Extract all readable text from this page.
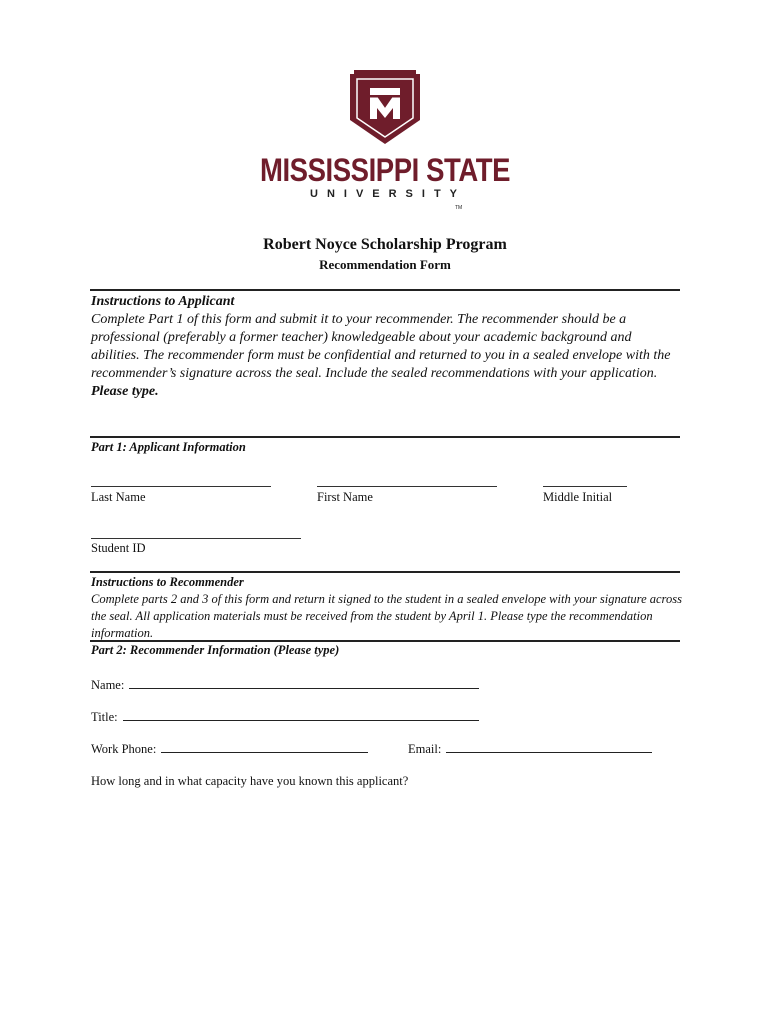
MISSISSIPPI STATE
UNIVERSITY
TM
Robert Noyce Scholarship Program
Recommendation Form
Instructions to Applicant
Complete Part 1 of this form and submit it to your recommender. The recommender should be a professional (preferably a former teacher) knowledgeable about your academic background and abilities. The recommender form must be confidential and returned to you in a sealed envelope with the recommender’s signature across the seal. Include the sealed recommendations with your application.
Please type.
Part 1: Applicant Information
Last Name	First Name	Middle Initial
Student ID
Instructions to Recommender
Complete parts 2 and 3 of this form and return it signed to the student in a sealed envelope with your signature across the seal. All application materials must be received from the student by April 1. Please type the recommendation information.
Part 2: Recommender Information (Please type)
Name:
Title:
Work Phone:	Email:
How long and in what capacity have you known this applicant?
